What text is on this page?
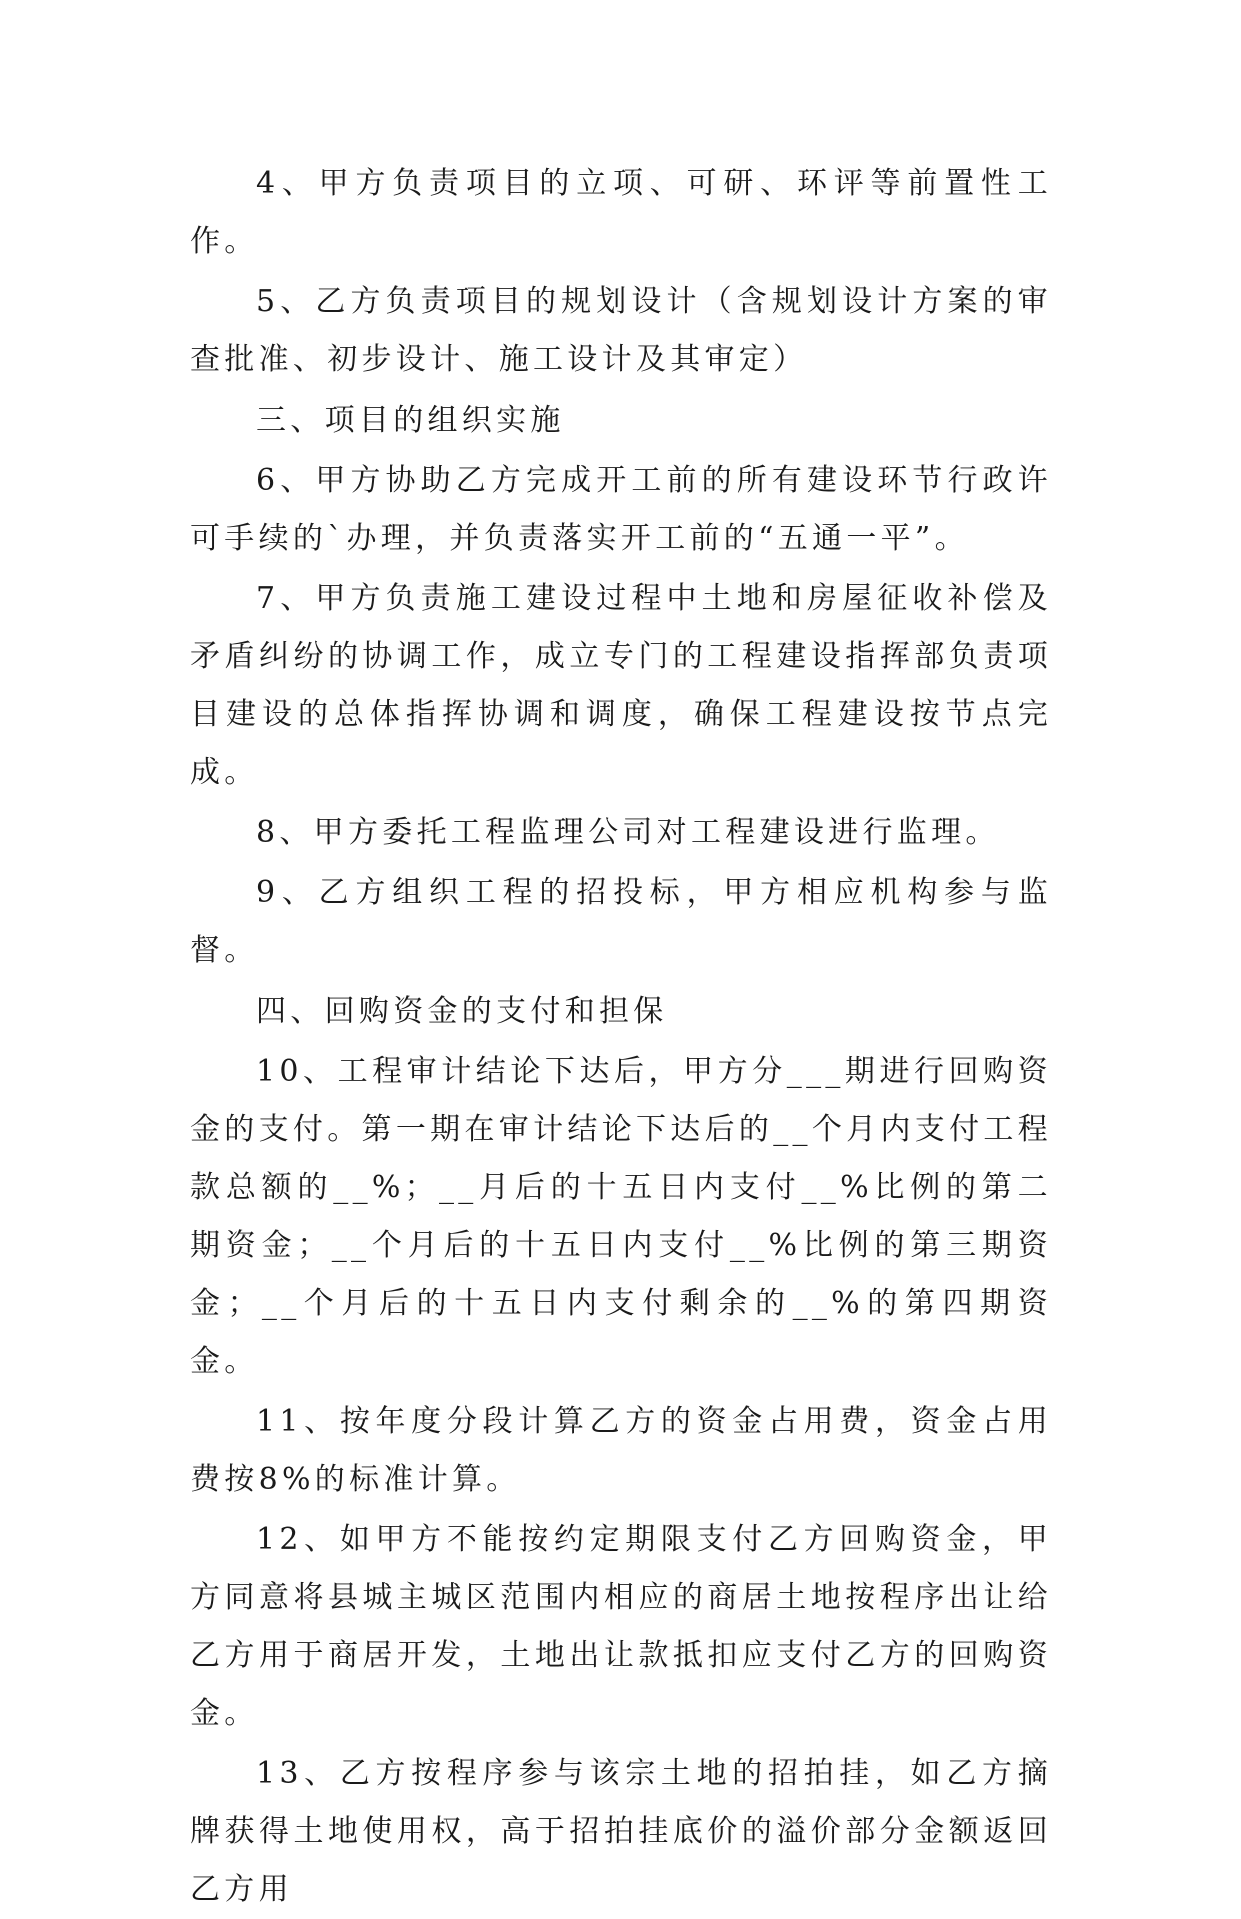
4、甲方负责项目的立项、可研、环评等前置性工作。

5、乙方负责项目的规划设计（含规划设计方案的审查批准、初步设计、施工设计及其审定）

三、项目的组织实施

6、甲方协助乙方完成开工前的所有建设环节行政许可手续的`办理，并负责落实开工前的“五通一平”。

7、甲方负责施工建设过程中土地和房屋征收补偿及矛盾纠纷的协调工作，成立专门的工程建设指挥部负责项目建设的总体指挥协调和调度，确保工程建设按节点完成。

8、甲方委托工程监理公司对工程建设进行监理。

9、乙方组织工程的招投标，甲方相应机构参与监督。

四、回购资金的支付和担保

10、工程审计结论下达后，甲方分___期进行回购资金的支付。第一期在审计结论下达后的__个月内支付工程款总额的__%；__月后的十五日内支付__%比例的第二期资金；__个月后的十五日内支付__%比例的第三期资金；__个月后的十五日内支付剩余的__%的第四期资金。

11、按年度分段计算乙方的资金占用费，资金占用费按8%的标准计算。

12、如甲方不能按约定期限支付乙方回购资金，甲方同意将县城主城区范围内相应的商居土地按程序出让给乙方用于商居开发，土地出让款抵扣应支付乙方的回购资金。

13、乙方按程序参与该宗土地的招拍挂，如乙方摘牌获得土地使用权，高于招拍挂底价的溢价部分金额返回乙方用
